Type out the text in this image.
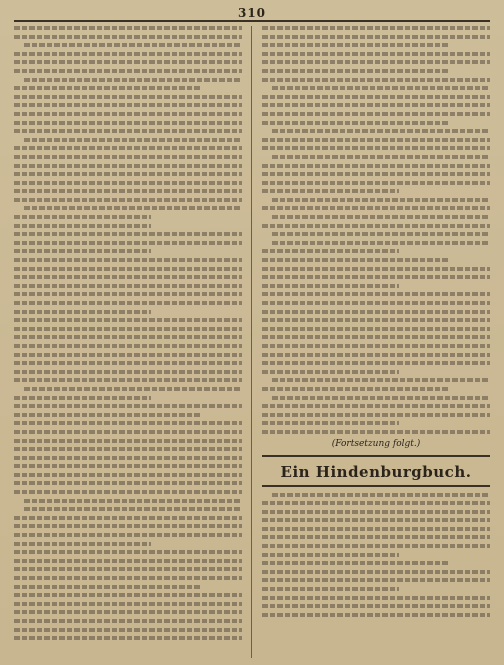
310
(Fortsetzung folgt.)
Ein Hindenburgbuch.
